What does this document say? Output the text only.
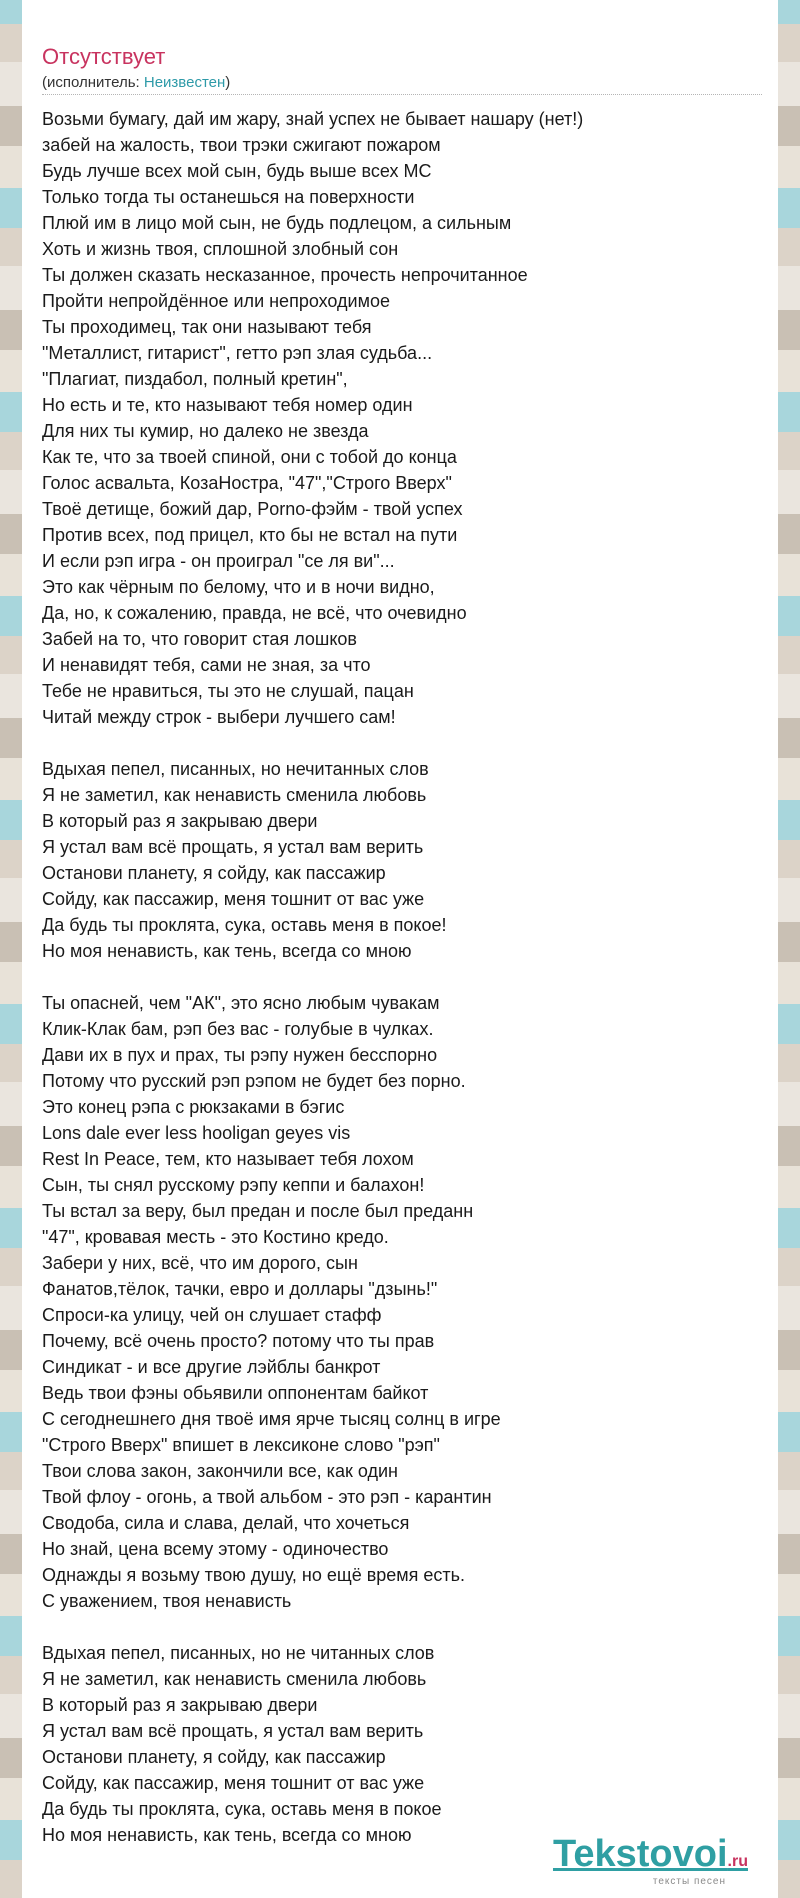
Отсутствует
(исполнитель: Неизвестен)
Возьми бумагу, дай им жару, знай успех не бывает нашару (нет!)
забей на жалость, твои трэки сжигают пожаром
Будь лучше всех мой сын, будь выше всех МС
Только тогда ты останешься на поверхности
Плюй им в лицо мой сын, не будь подлецом, а сильным
Хоть и жизнь твоя, сплошной злобный сон
Ты должен сказать несказанное, прочесть непрочитанное
Пройти непройдённое или непроходимое
Ты проходимец, так они называют тебя
"Металлист, гитарист", гетто рэп злая судьба...
"Плагиат, пиздабол, полный кретин",
Но есть и те, кто называют тебя номер один
Для них ты кумир, но далеко не звезда
Как те, что за твоей спиной, они с тобой до конца
Голос асвальта, КозаНостра, "47","Строго Вверх"
Твоё детище, божий дар, Porno-фэйм - твой успех
Против всех, под прицел, кто бы не встал на пути
И если рэп игра - он проиграл "се ля ви"...
Это как чёрным по белому, что и в ночи видно,
Да, но, к сожалению, правда, не всё, что очевидно
Забей на то, что говорит стая лошков
И ненавидят тебя, сами не зная, за что
Тебе не нравиться, ты это не слушай, пацан
Читай между строк - выбери лучшего сам!
Вдыхая пепел, писанных, но нечитанных слов
Я не заметил, как ненависть сменила любовь
В который раз я закрываю двери
Я устал вам всё прощать, я устал вам верить
Останови планету, я сойду, как пассажир
Сойду, как пассажир, меня тошнит от вас уже
Да будь ты проклята, сука, оставь меня в покое!
Но моя ненависть, как тень, всегда со мною
Ты опасней, чем "АК", это ясно любым чувакам
Клик-Клак бам, рэп без вас - голубые в чулках.
Дави их в пух и прах, ты рэпу нужен бесспорно
Потому что русский рэп рэпом не будет без порно.
Это конец рэпа с рюкзаками в бэгис
Lons dale ever less hooligan geyes vis
Rest In Peace, тем, кто называет тебя лохом
Сын, ты снял русскому рэпу кеппи и балахон!
Ты встал за веру, был предан и после был преданн
"47", кровавая месть - это Костино кредо.
Забери у них, всё, что им дорого, сын
Фанатов,тёлок, тачки, евро и доллары "дзынь!"
Спроси-ка улицу, чей он слушает стафф
Почему, всё очень просто? потому что ты прав
Синдикат - и все другие лэйблы банкрот
Ведь твои фэны обьявили оппонентам байкот
С сегоднешнего дня твоё имя ярче тысяц солнц в игре
"Строго Вверх" впишет в лексиконе слово "рэп"
Твои слова закон, закончили все, как один
Твой флоу - огонь, а твой альбом - это рэп - карантин
Сводоба, сила и слава, делай, что хочеться
Но знай, цена всему этому - одиночество
Однажды я возьму твою душу, но ещё время есть.
С уважением, твоя ненависть
Вдыхая пепел, писанных, но не читанных слов
Я не заметил, как ненависть сменила любовь
В который раз я закрываю двери
Я устал вам всё прощать, я устал вам верить
Останови планету, я сойду, как пассажир
Сойду, как пассажир, меня тошнит от вас уже
Да будь ты проклята, сука, оставь меня в покое
Но моя ненависть, как тень, всегда со мною	Tekstovoi.ru
тексты песен
